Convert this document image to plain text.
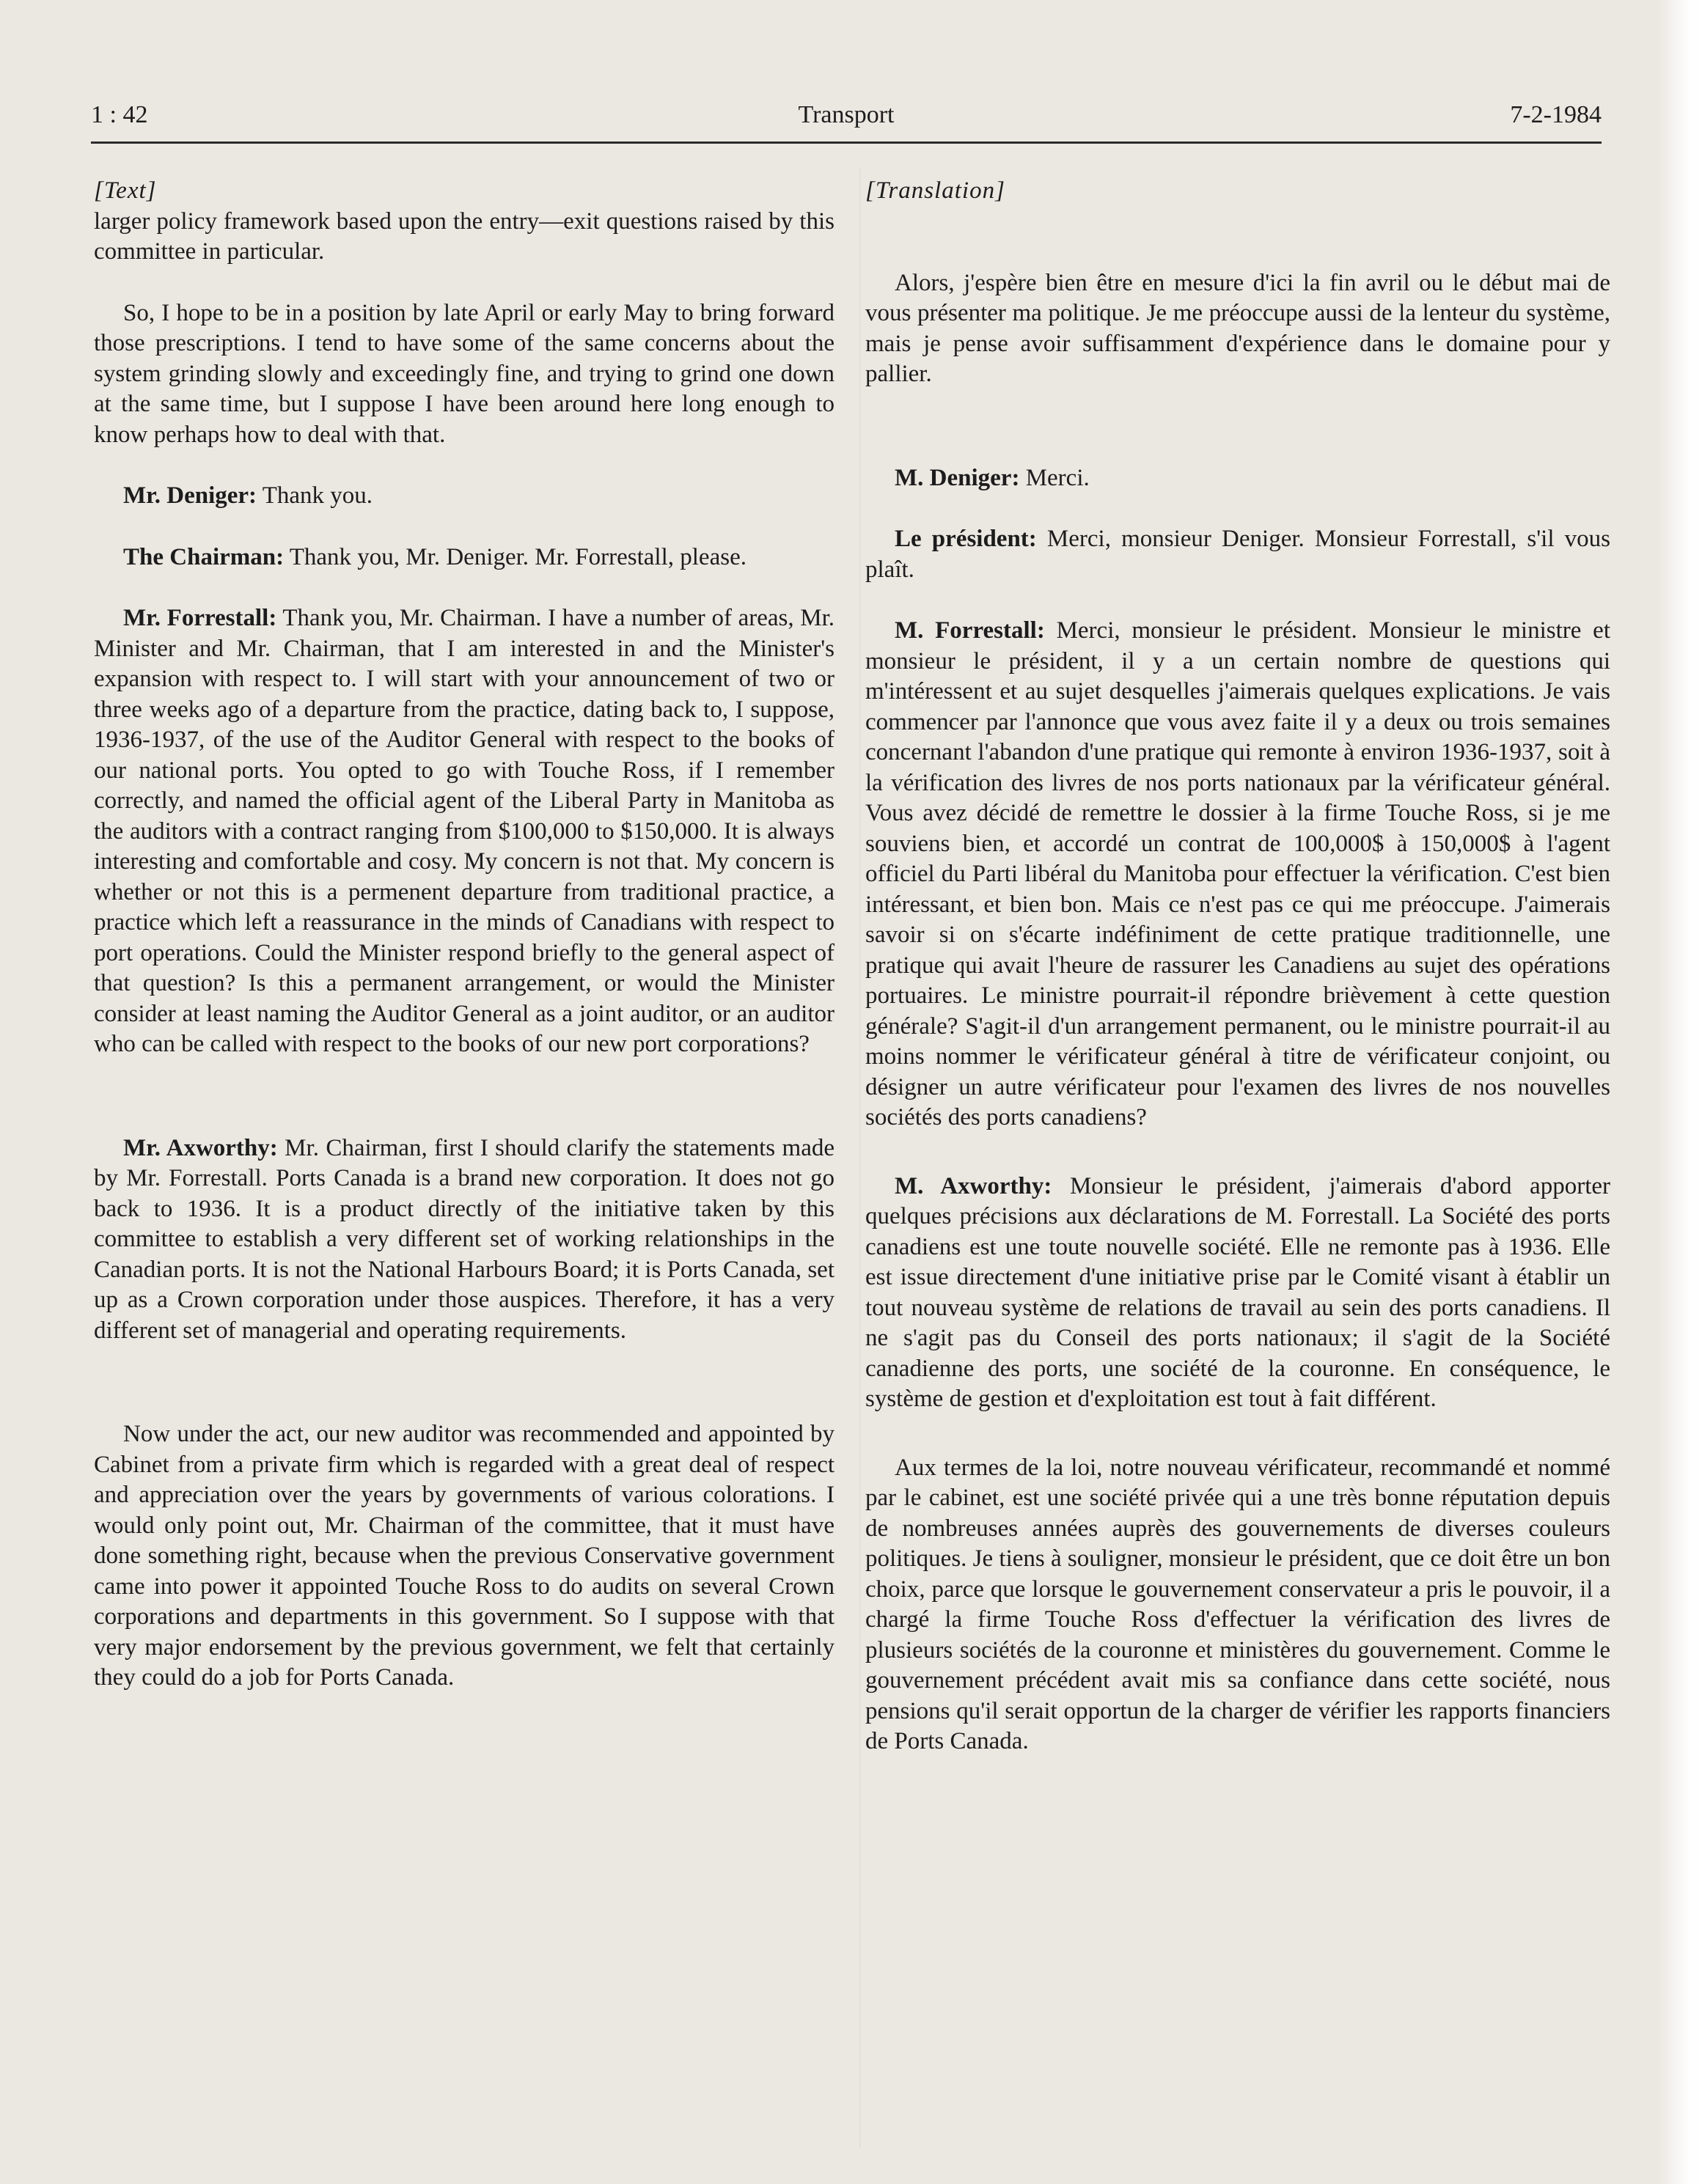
1 : 42	Transport	7-2-1984

[Text]

larger policy framework based upon the entry—exit questions raised by this committee in particular.

So, I hope to be in a position by late April or early May to bring forward those prescriptions. I tend to have some of the same concerns about the system grinding slowly and exceedingly fine, and trying to grind one down at the same time, but I suppose I have been around here long enough to know perhaps how to deal with that.

Mr. Deniger: Thank you.

The Chairman: Thank you, Mr. Deniger. Mr. Forrestall, please.

Mr. Forrestall: Thank you, Mr. Chairman. I have a number of areas, Mr. Minister and Mr. Chairman, that I am interested in and the Minister's expansion with respect to. I will start with your announcement of two or three weeks ago of a departure from the practice, dating back to, I suppose, 1936-1937, of the use of the Auditor General with respect to the books of our national ports. You opted to go with Touche Ross, if I remember correctly, and named the official agent of the Liberal Party in Manitoba as the auditors with a contract ranging from $100,000 to $150,000. It is always interesting and comfortable and cosy. My concern is not that. My concern is whether or not this is a permenent departure from traditional practice, a practice which left a reassurance in the minds of Canadians with respect to port operations. Could the Minister respond briefly to the general aspect of that question? Is this a permanent arrangement, or would the Minister consider at least naming the Auditor General as a joint auditor, or an auditor who can be called with respect to the books of our new port corporations?

Mr. Axworthy: Mr. Chairman, first I should clarify the statements made by Mr. Forrestall. Ports Canada is a brand new corporation. It does not go back to 1936. It is a product directly of the initiative taken by this committee to establish a very different set of working relationships in the Canadian ports. It is not the National Harbours Board; it is Ports Canada, set up as a Crown corporation under those auspices. Therefore, it has a very different set of managerial and operating requirements.

Now under the act, our new auditor was recommended and appointed by Cabinet from a private firm which is regarded with a great deal of respect and appreciation over the years by governments of various colorations. I would only point out, Mr. Chairman of the committee, that it must have done something right, because when the previous Conservative government came into power it appointed Touche Ross to do audits on several Crown corporations and departments in this government. So I suppose with that very major endorsement by the previous government, we felt that certainly they could do a job for Ports Canada.

[Translation]

Alors, j'espère bien être en mesure d'ici la fin avril ou le début mai de vous présenter ma politique. Je me préoccupe aussi de la lenteur du système, mais je pense avoir suffisamment d'expérience dans le domaine pour y pallier.

M. Deniger: Merci.

Le président: Merci, monsieur Deniger. Monsieur Forrestall, s'il vous plaît.

M. Forrestall: Merci, monsieur le président. Monsieur le ministre et monsieur le président, il y a un certain nombre de questions qui m'intéressent et au sujet desquelles j'aimerais quelques explications. Je vais commencer par l'annonce que vous avez faite il y a deux ou trois semaines concernant l'abandon d'une pratique qui remonte à environ 1936-1937, soit à la vérification des livres de nos ports nationaux par la vérificateur général. Vous avez décidé de remettre le dossier à la firme Touche Ross, si je me souviens bien, et accordé un contrat de 100,000$ à 150,000$ à l'agent officiel du Parti libéral du Manitoba pour effectuer la vérification. C'est bien intéressant, et bien bon. Mais ce n'est pas ce qui me préoccupe. J'aimerais savoir si on s'écarte indéfiniment de cette pratique traditionnelle, une pratique qui avait l'heure de rassurer les Canadiens au sujet des opérations portuaires. Le ministre pourrait-il répondre brièvement à cette question générale? S'agit-il d'un arrangement permanent, ou le ministre pourrait-il au moins nommer le vérificateur général à titre de vérificateur conjoint, ou désigner un autre vérificateur pour l'examen des livres de nos nouvelles sociétés des ports canadiens?

M. Axworthy: Monsieur le président, j'aimerais d'abord apporter quelques précisions aux déclarations de M. Forrestall. La Société des ports canadiens est une toute nouvelle société. Elle ne remonte pas à 1936. Elle est issue directement d'une initiative prise par le Comité visant à établir un tout nouveau système de relations de travail au sein des ports canadiens. Il ne s'agit pas du Conseil des ports nationaux; il s'agit de la Société canadienne des ports, une société de la couronne. En conséquence, le système de gestion et d'exploitation est tout à fait différent.

Aux termes de la loi, notre nouveau vérificateur, recommandé et nommé par le cabinet, est une société privée qui a une très bonne réputation depuis de nombreuses années auprès des gouvernements de diverses couleurs politiques. Je tiens à souligner, monsieur le président, que ce doit être un bon choix, parce que lorsque le gouvernement conservateur a pris le pouvoir, il a chargé la firme Touche Ross d'effectuer la vérification des livres de plusieurs sociétés de la couronne et ministères du gouvernement. Comme le gouvernement précédent avait mis sa confiance dans cette société, nous pensions qu'il serait opportun de la charger de vérifier les rapports financiers de Ports Canada.
